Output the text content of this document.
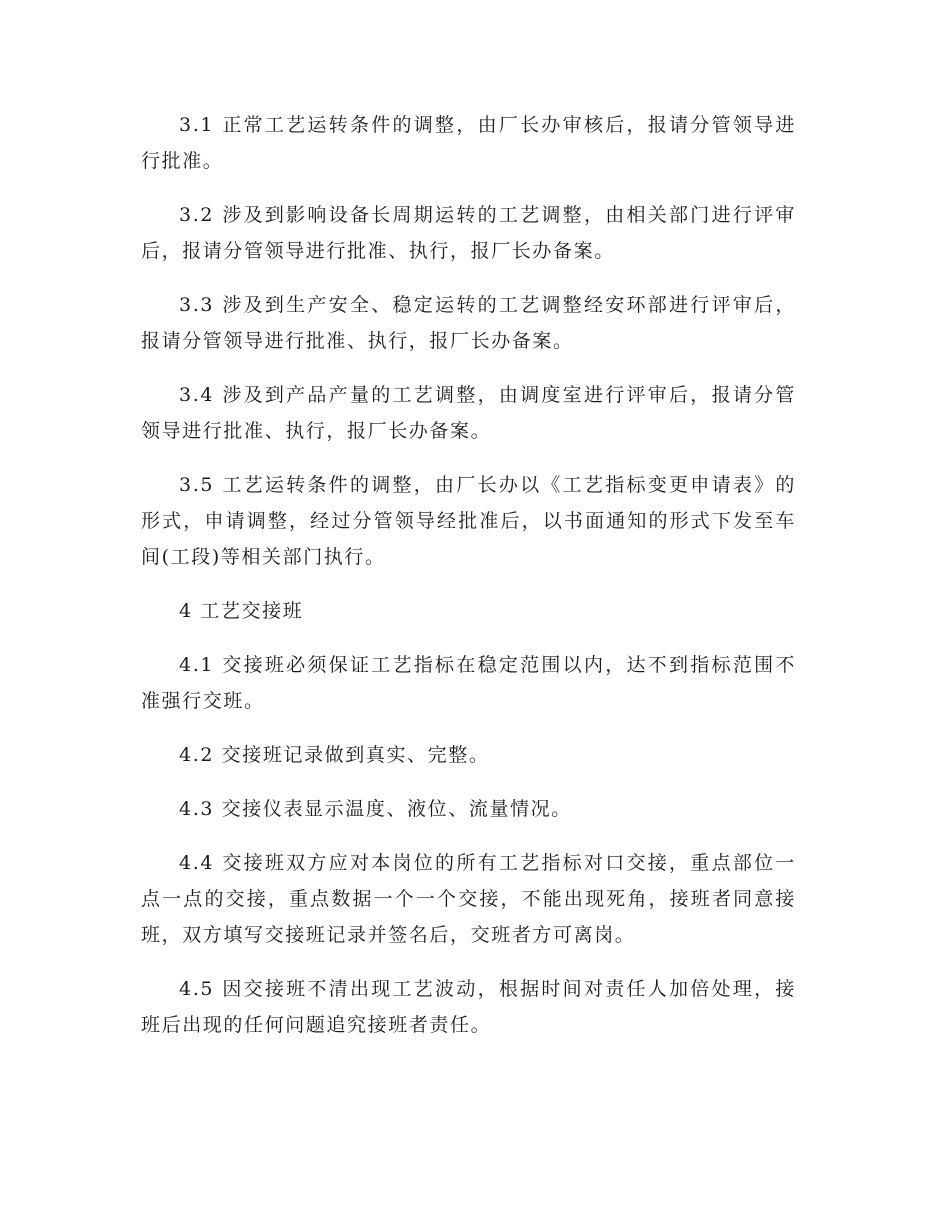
3.1 正常工艺运转条件的调整，由厂长办审核后，报请分管领导进行批准。

3.2 涉及到影响设备长周期运转的工艺调整，由相关部门进行评审后，报请分管领导进行批准、执行，报厂长办备案。

3.3 涉及到生产安全、稳定运转的工艺调整经安环部进行评审后，报请分管领导进行批准、执行，报厂长办备案。

3.4 涉及到产品产量的工艺调整，由调度室进行评审后，报请分管领导进行批准、执行，报厂长办备案。

3.5 工艺运转条件的调整，由厂长办以《工艺指标变更申请表》的形式，申请调整，经过分管领导经批准后，以书面通知的形式下发至车间(工段)等相关部门执行。

4 工艺交接班

4.1 交接班必须保证工艺指标在稳定范围以内，达不到指标范围不准强行交班。

4.2 交接班记录做到真实、完整。

4.3 交接仪表显示温度、液位、流量情况。

4.4 交接班双方应对本岗位的所有工艺指标对口交接，重点部位一点一点的交接，重点数据一个一个交接，不能出现死角，接班者同意接班，双方填写交接班记录并签名后，交班者方可离岗。

4.5 因交接班不清出现工艺波动，根据时间对责任人加倍处理，接班后出现的任何问题追究接班者责任。
